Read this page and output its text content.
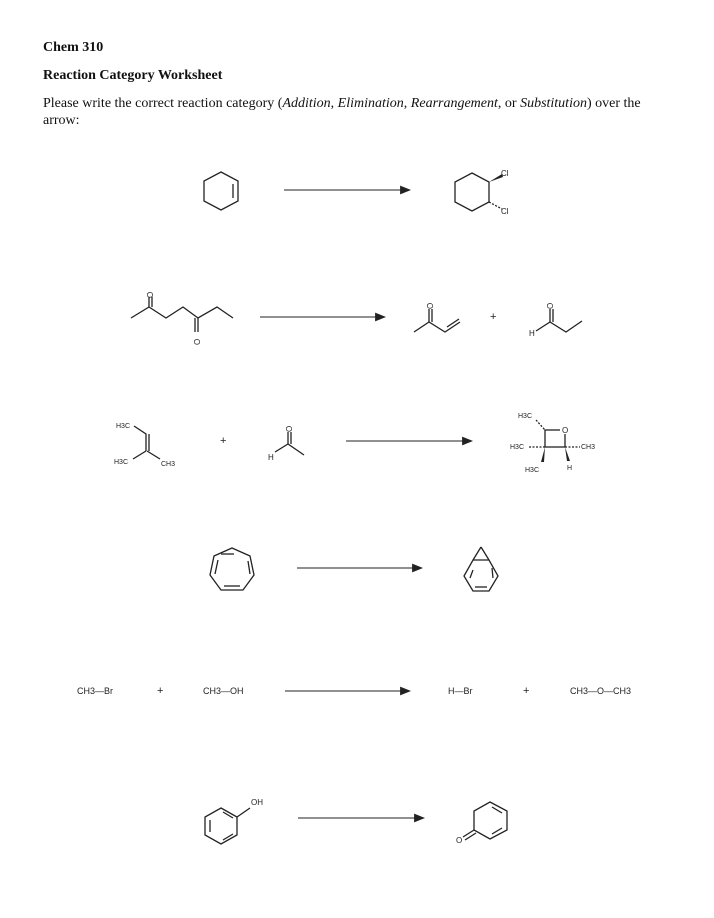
Chem 310
Reaction Category Worksheet
Please write the correct reaction category (Addition, Elimination, Rearrangement, or Substitution) over the arrow:
Cl
Cl
O
O
O
+
O
H
H3C
H3C	CH3
+
O
H
O
H3C
H3C
H3C
CH3
H
CH3—Br	+	CH3—OH	H—Br	+	CH3—O—CH3
OH
O
